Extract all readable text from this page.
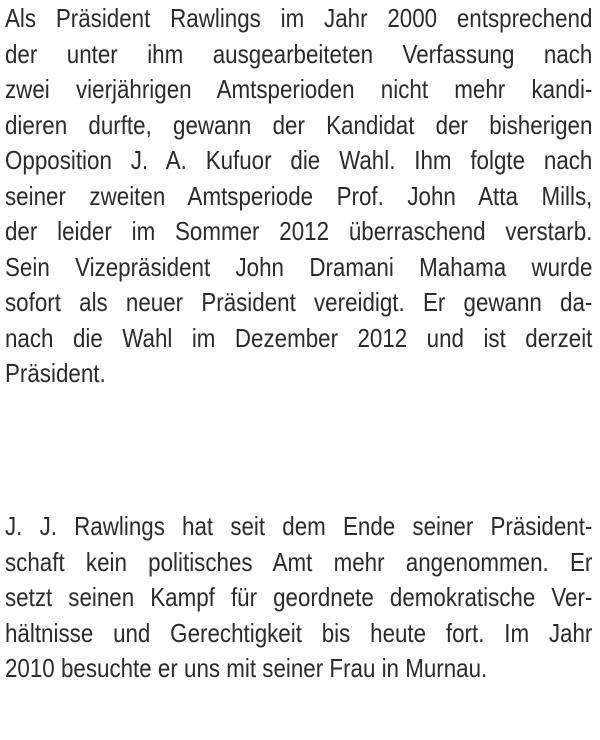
Als Präsident Rawlings im Jahr 2000 entsprechend
der unter ihm ausgearbeiteten Verfassung nach
zwei vierjährigen Amtsperioden nicht mehr kandi-
dieren durfte, gewann der Kandidat der bisherigen
Opposition J. A. Kufuor die Wahl. Ihm folgte nach
seiner zweiten Amtsperiode Prof. John Atta Mills,
der leider im Sommer 2012 überraschend verstarb.
Sein Vizepräsident John Dramani Mahama wurde
sofort als neuer Präsident vereidigt. Er gewann da-
nach die Wahl im Dezember 2012 und ist derzeit
Präsident.
J. J. Rawlings hat seit dem Ende seiner Präsident-
schaft kein politisches Amt mehr angenommen. Er
setzt seinen Kampf für geordnete demokratische Ver-
hältnisse und Gerechtigkeit bis heute fort. Im Jahr
2010 besuchte er uns mit seiner Frau in Murnau.
